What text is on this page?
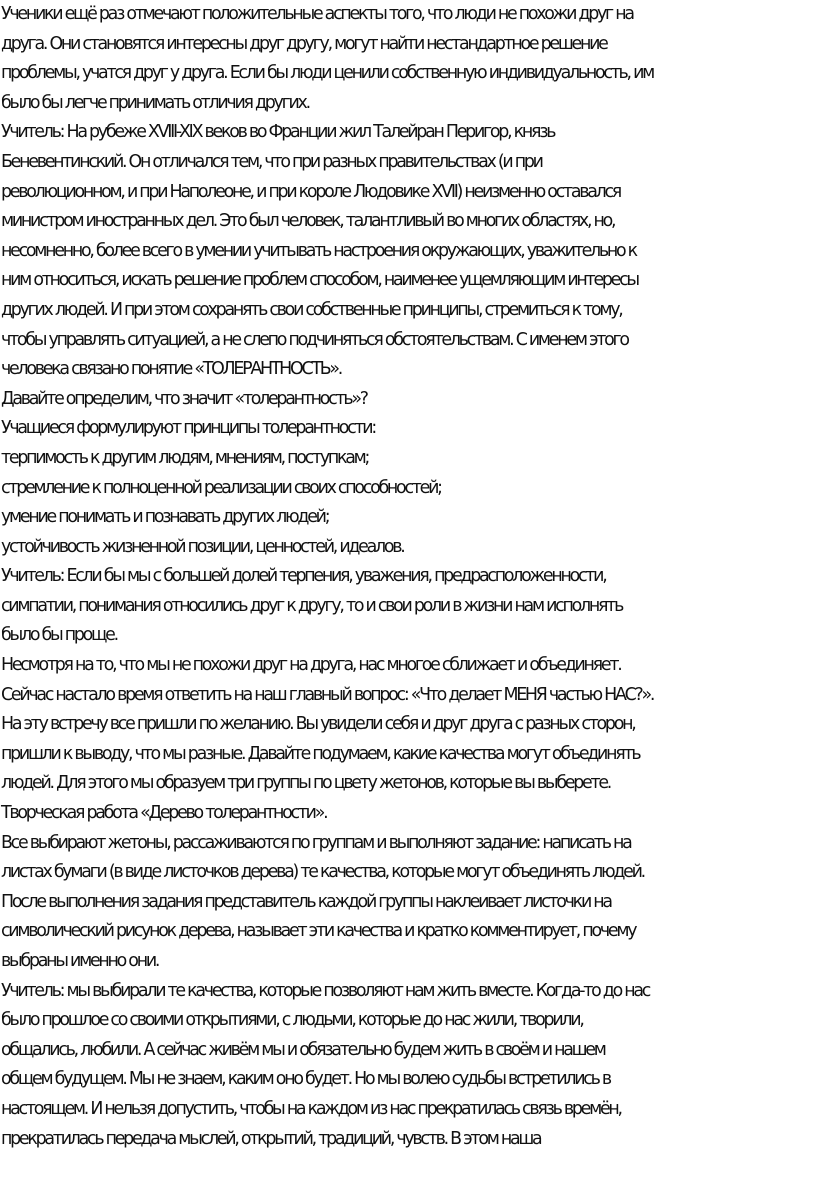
Ученики ещё раз отмечают положительные аспекты того, что люди не похожи друг на
друга. Они становятся интересны друг другу, могут найти нестандартное решение
проблемы, учатся друг у друга. Если бы люди ценили собственную индивидуальность, им
было бы легче принимать отличия других.
Учитель: На рубеже XVIII-XIX веков во Франции жил Талейран Перигор, князь
Беневентинский. Он отличался тем, что при разных правительствах (и при
революционном, и при Наполеоне, и при короле Людовике XVII) неизменно оставался
министром иностранных дел. Это был человек, талантливый во многих областях, но,
несомненно, более всего в умении учитывать настроения окружающих, уважительно к
ним относиться, искать решение проблем способом, наименее ущемляющим интересы
других людей. И при этом сохранять свои собственные принципы, стремиться к тому,
чтобы управлять ситуацией, а не слепо подчиняться обстоятельствам. С именем этого
человека связано понятие «ТОЛЕРАНТНОСТЬ».
Давайте определим, что значит «толерантность»?
Учащиеся формулируют принципы толерантности:
терпимость к другим людям, мнениям, поступкам;
стремление к полноценной реализации своих способностей;
умение понимать и познавать других людей;
устойчивость жизненной позиции, ценностей, идеалов.
Учитель: Если бы мы с большей долей терпения, уважения, предрасположенности,
симпатии, понимания относились друг к другу, то и свои роли в жизни нам исполнять
было бы проще.
Несмотря на то, что мы не похожи друг на друга, нас многое сближает и объединяет.
Сейчас настало время ответить на наш главный вопрос: «Что делает МЕНЯ частью НАС?».
На эту встречу все пришли по желанию. Вы увидели себя и друг друга с разных сторон,
пришли к выводу, что мы разные. Давайте подумаем, какие качества могут объединять
людей. Для этого мы образуем три группы по цвету жетонов, которые вы выберете.
Творческая работа «Дерево толерантности».
Все выбирают жетоны, рассаживаются по группам и выполняют задание: написать на
листах бумаги (в виде листочков дерева) те качества, которые могут объединять людей.
После выполнения задания представитель каждой группы наклеивает листочки на
символический рисунок дерева, называет эти качества и кратко комментирует, почему
выбраны именно они.
Учитель: мы выбирали те качества, которые позволяют нам жить вместе. Когда-то до нас
было прошлое со своими открытиями, с людьми, которые до нас жили, творили,
общались, любили. А сейчас живём мы и обязательно будем жить в своём и нашем
общем будущем. Мы не знаем, каким оно будет. Но мы волею судьбы встретились в
настоящем. И нельзя допустить, чтобы на каждом из нас прекратилась связь времён,
прекратилась передача мыслей, открытий, традиций, чувств. В этом наша
